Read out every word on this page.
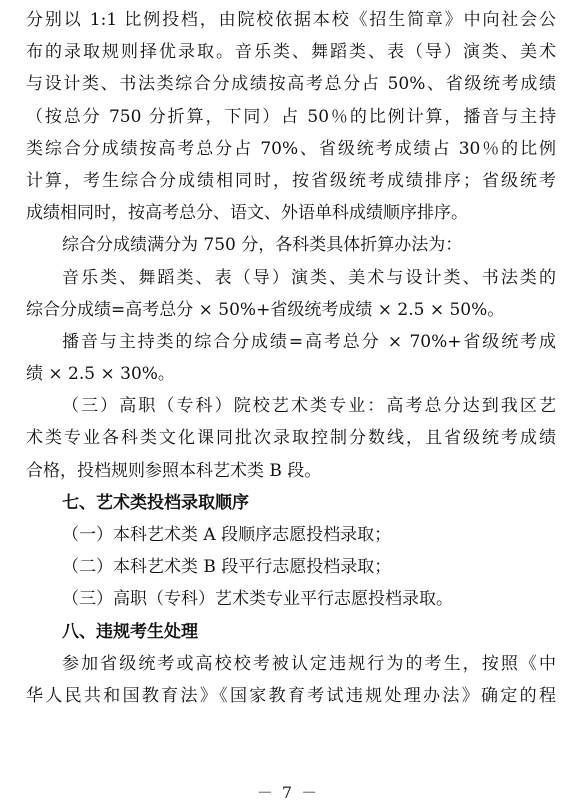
分别以 1:1 比例投档，由院校依据本校《招生简章》中向社会公
布的录取规则择优录取。音乐类、舞蹈类、表（导）演类、美术
与设计类、书法类综合分成绩按高考总分占 50%、省级统考成绩
（按总分 750 分折算，下同）占 50％的比例计算，播音与主持
类综合分成绩按高考总分占 70%、省级统考成绩占 30％的比例
计算，考生综合分成绩相同时，按省级统考成绩排序；省级统考
成绩相同时，按高考总分、语文、外语单科成绩顺序排序。
综合分成绩满分为 750 分，各科类具体折算办法为：
音乐类、舞蹈类、表（导）演类、美术与设计类、书法类的
综合分成绩=高考总分 × 50%+省级统考成绩 × 2.5 × 50%。
播音与主持类的综合分成绩=高考总分 × 70%+省级统考成
绩 × 2.5 × 30%。
（三）高职（专科）院校艺术类专业：高考总分达到我区艺
术类专业各科类文化课同批次录取控制分数线，且省级统考成绩
合格，投档规则参照本科艺术类 B 段。
七、艺术类投档录取顺序
（一）本科艺术类 A 段顺序志愿投档录取；
（二）本科艺术类 B 段平行志愿投档录取；
（三）高职（专科）艺术类专业平行志愿投档录取。
八、违规考生处理
参加省级统考或高校校考被认定违规行为的考生，按照《中
华人民共和国教育法》《国家教育考试违规处理办法》确定的程
－ 7 －
